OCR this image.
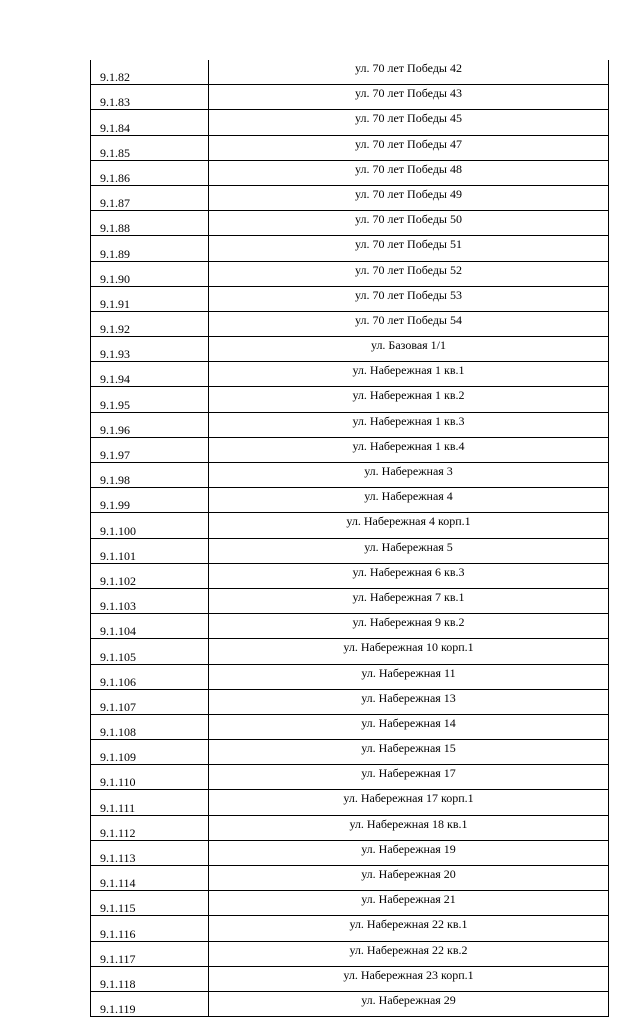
9.1.82	ул. 70 лет Победы 42
9.1.83	ул. 70 лет Победы 43
9.1.84	ул. 70 лет Победы 45
9.1.85	ул. 70 лет Победы 47
9.1.86	ул. 70 лет Победы 48
9.1.87	ул. 70 лет Победы 49
9.1.88	ул. 70 лет Победы 50
9.1.89	ул. 70 лет Победы 51
9.1.90	ул. 70 лет Победы 52
9.1.91	ул. 70 лет Победы 53
9.1.92	ул. 70 лет Победы 54
9.1.93	ул. Базовая 1/1
9.1.94	ул. Набережная 1 кв.1
9.1.95	ул. Набережная 1 кв.2
9.1.96	ул. Набережная 1 кв.3
9.1.97	ул. Набережная 1 кв.4
9.1.98	ул. Набережная 3
9.1.99	ул. Набережная 4
9.1.100	ул. Набережная 4 корп.1
9.1.101	ул. Набережная 5
9.1.102	ул. Набережная 6 кв.3
9.1.103	ул. Набережная 7 кв.1
9.1.104	ул. Набережная 9 кв.2
9.1.105	ул. Набережная 10 корп.1
9.1.106	ул. Набережная 11
9.1.107	ул. Набережная 13
9.1.108	ул. Набережная 14
9.1.109	ул. Набережная 15
9.1.110	ул. Набережная 17
9.1.111	ул. Набережная 17 корп.1
9.1.112	ул. Набережная 18 кв.1
9.1.113	ул. Набережная 19
9.1.114	ул. Набережная 20
9.1.115	ул. Набережная 21
9.1.116	ул. Набережная 22 кв.1
9.1.117	ул. Набережная 22 кв.2
9.1.118	ул. Набережная 23 корп.1
9.1.119	ул. Набережная 29
